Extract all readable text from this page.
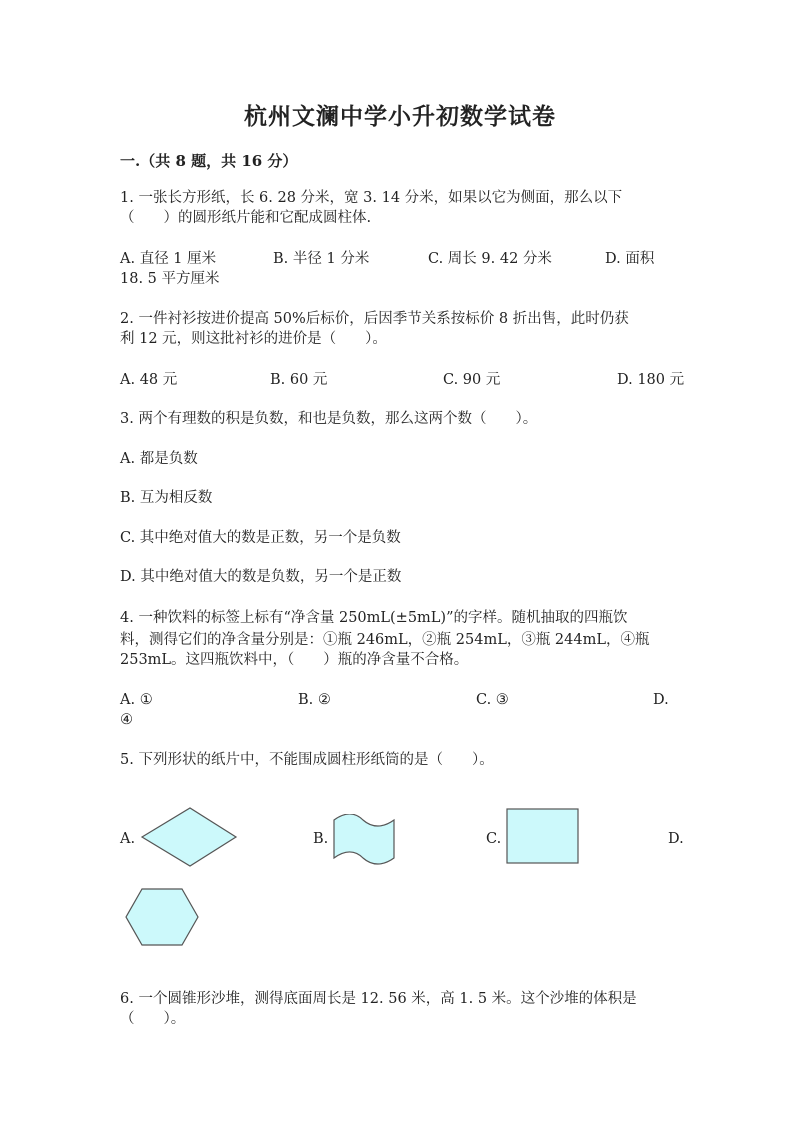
杭州文澜中学小升初数学试卷
一.（共 8 题，共 16 分）
1. 一张长方形纸，长 6. 28 分米，宽 3. 14 分米，如果以它为侧面，那么以下
（　　）的圆形纸片能和它配成圆柱体.
A. 直径 1 厘米	B. 半径 1 分米	C. 周长 9. 42 分米	D. 面积
18. 5 平方厘米
2. 一件衬衫按进价提高 50%后标价，后因季节关系按标价 8 折出售，此时仍获
利 12 元，则这批衬衫的进价是（　　）。
A. 48 元	B. 60 元	C. 90 元	D. 180 元
3. 两个有理数的积是负数，和也是负数，那么这两个数（　　）。
A. 都是负数
B. 互为相反数
C. 其中绝对值大的数是正数，另一个是负数
D. 其中绝对值大的数是负数，另一个是正数
4. 一种饮料的标签上标有“净含量 250mL(±5mL)”的字样。随机抽取的四瓶饮
料，测得它们的净含量分别是：①瓶 246mL，②瓶 254mL，③瓶 244mL，④瓶
253mL。这四瓶饮料中，（　　）瓶的净含量不合格。
A. ①	B. ②	C. ③	D.
④
5. 下列形状的纸片中，不能围成圆柱形纸筒的是（　　）。
A.	B.	C.	D.
6. 一个圆锥形沙堆，测得底面周长是 12. 56 米，高 1. 5 米。这个沙堆的体积是
（　　）。
